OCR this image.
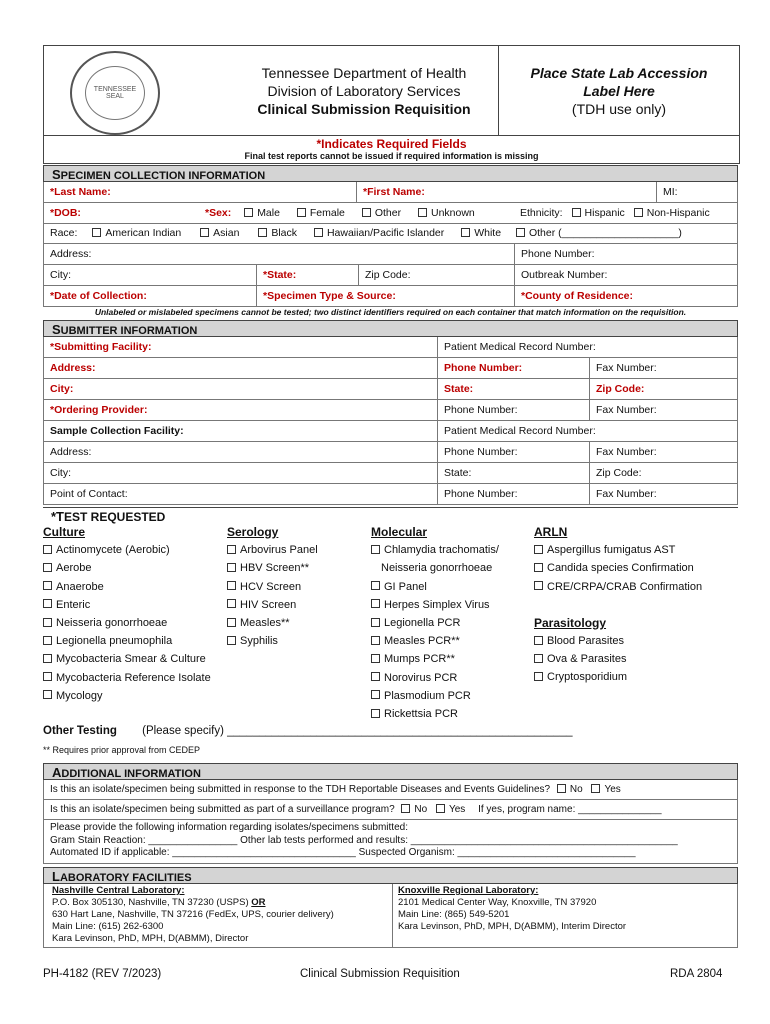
TENNESSEE SEAL
Tennessee Department of Health
Division of Laboratory Services
Clinical Submission Requisition
Place State Lab Accession
Label Here
(TDH use only)
*Indicates Required Fields
Final test reports cannot be issued if required information is missing
SPECIMEN COLLECTION INFORMATION
*Last Name:	*First Name:	MI:
*DOB:	*Sex: Male	Female	Other	Unknown	Ethnicity: Hispanic Non-Hispanic
Race:	American Indian	Asian	Black	Hawaiian/Pacific Islander	White	Other (____________________)
Address:	Phone Number:
City:	*State:	Zip Code:	Outbreak Number:
*Date of Collection:	*Specimen Type & Source:	*County of Residence:
Unlabeled or mislabeled specimens cannot be tested; two distinct identifiers required on each container that match information on the requisition.
SUBMITTER INFORMATION
*Submitting Facility:	Patient Medical Record Number:
Address:	Phone Number:	Fax Number:
City:	State:	Zip Code:
*Ordering Provider:	Phone Number:	Fax Number:
Sample Collection Facility:	Patient Medical Record Number:
Address:	Phone Number:	Fax Number:
City:	State:	Zip Code:
Point of Contact:	Phone Number:	Fax Number:
*TEST REQUESTED
Culture
Actinomycete (Aerobic)
Aerobe
Anaerobe
Enteric
Neisseria gonorrhoeae
Legionella pneumophila
Mycobacteria Smear & Culture
Mycobacteria Reference Isolate
Mycology
Serology
Arbovirus Panel
HBV Screen**
HCV Screen
HIV Screen
Measles**
Syphilis
Molecular
Chlamydia trachomatis/
Neisseria gonorrhoeae
GI Panel
Herpes Simplex Virus
Legionella PCR
Measles PCR**
Mumps PCR**
Norovirus PCR
Plasmodium PCR
Rickettsia PCR
ARLN
Aspergillus fumigatus AST
Candida species Confirmation
CRE/CRPA/CRAB Confirmation
Parasitology
Blood Parasites
Ova & Parasites
Cryptosporidium
Other Testing (Please specify) ______________________________________________________
** Requires prior approval from CEDEP
ADDITIONAL INFORMATION
Is this an isolate/specimen being submitted in response to the TDH Reportable Diseases and Events Guidelines? No Yes
Is this an isolate/specimen being submitted as part of a surveillance program? No Yes If yes, program name: _______________
Please provide the following information regarding isolates/specimens submitted:
Gram Stain Reaction: ________________ Other lab tests performed and results: ________________________________________________
Automated ID if applicable: _________________________________ Suspected Organism: ________________________________
LABORATORY FACILITIES
Nashville Central Laboratory:
P.O. Box 305130, Nashville, TN 37230 (USPS) OR
630 Hart Lane, Nashville, TN 37216 (FedEx, UPS, courier delivery)
Main Line: (615) 262-6300
Kara Levinson, PhD, MPH, D(ABMM), Director
Knoxville Regional Laboratory:
2101 Medical Center Way, Knoxville, TN 37920
Main Line: (865) 549-5201
Kara Levinson, PhD, MPH, D(ABMM), Interim Director
PH-4182 (REV 7/2023)	Clinical Submission Requisition	RDA 2804
